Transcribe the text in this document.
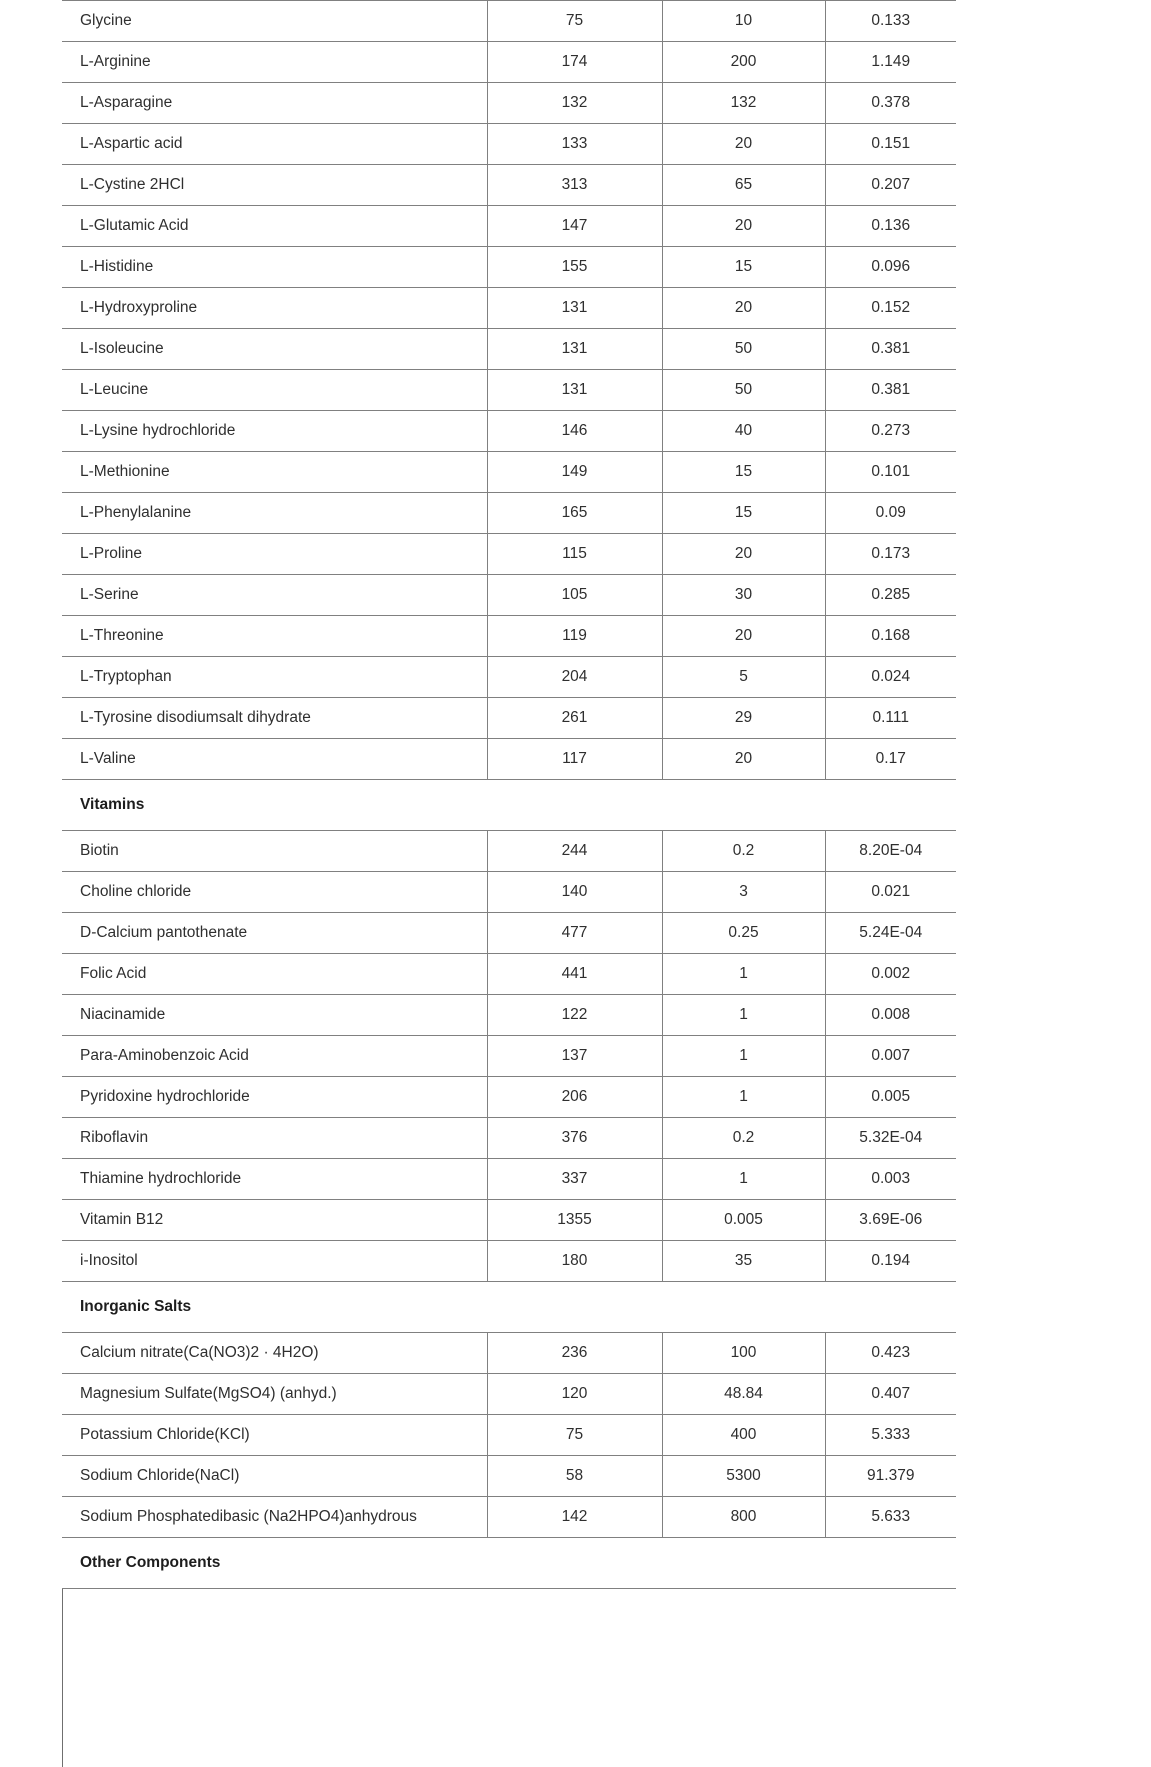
Glycine	75	10	0.133
L-Arginine	174	200	1.149
L-Asparagine	132	132	0.378
L-Aspartic acid	133	20	0.151
L-Cystine 2HCl	313	65	0.207
L-Glutamic Acid	147	20	0.136
L-Histidine	155	15	0.096
L-Hydroxyproline	131	20	0.152
L-Isoleucine	131	50	0.381
L-Leucine	131	50	0.381
L-Lysine hydrochloride	146	40	0.273
L-Methionine	149	15	0.101
L-Phenylalanine	165	15	0.09
L-Proline	115	20	0.173
L-Serine	105	30	0.285
L-Threonine	119	20	0.168
L-Tryptophan	204	5	0.024
L-Tyrosine disodiumsalt dihydrate	261	29	0.111
L-Valine	117	20	0.17
Vitamins			
Biotin	244	0.2	8.20E-04
Choline chloride	140	3	0.021
D-Calcium pantothenate	477	0.25	5.24E-04
Folic Acid	441	1	0.002
Niacinamide	122	1	0.008
Para-Aminobenzoic Acid	137	1	0.007
Pyridoxine hydrochloride	206	1	0.005
Riboflavin	376	0.2	5.32E-04
Thiamine hydrochloride	337	1	0.003
Vitamin B12	1355	0.005	3.69E-06
i-Inositol	180	35	0.194
Inorganic Salts			
Calcium nitrate(Ca(NO3)2 · 4H2O)	236	100	0.423
Magnesium Sulfate(MgSO4) (anhyd.)	120	48.84	0.407
Potassium Chloride(KCl)	75	400	5.333
Sodium Chloride(NaCl)	58	5300	91.379
Sodium Phosphatedibasic (Na2HPO4)anhydrous	142	800	5.633
Other Components			
